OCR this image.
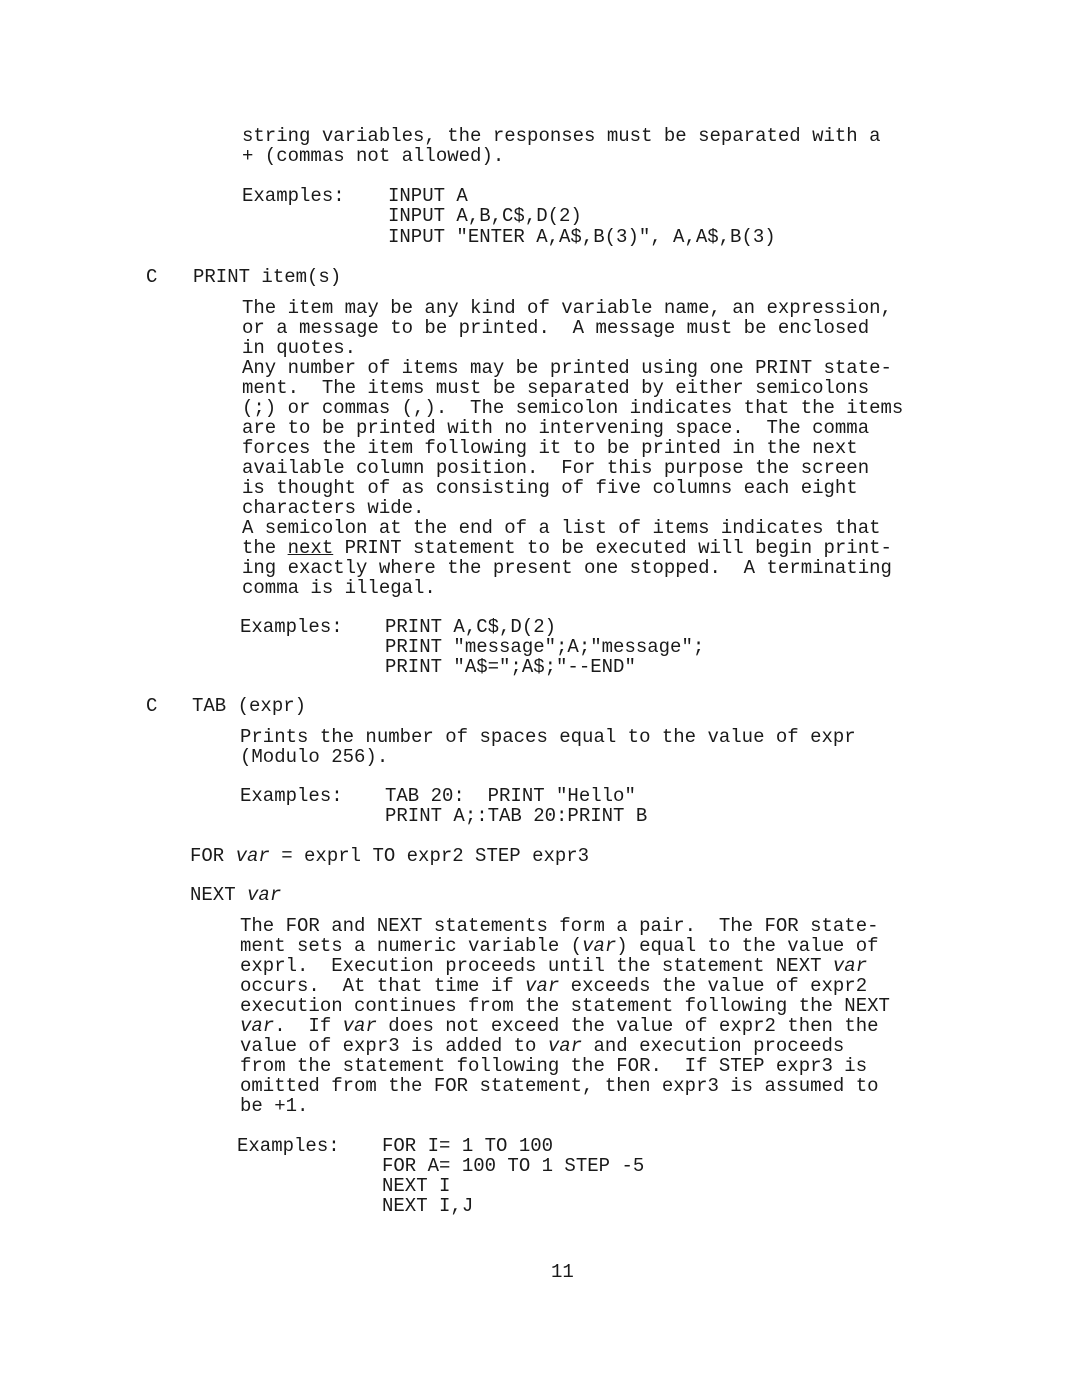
string variables, the responses must be separated with a
+ (commas not allowed).
Examples: INPUT A
INPUT A,B,C$,D(2)
INPUT "ENTER A,A$,B(3)", A,A$,B(3)
C PRINT item(s)
The item may be any kind of variable name, an expression,
or a message to be printed.  A message must be enclosed
in quotes.
Any number of items may be printed using one PRINT state-
ment.  The items must be separated by either semicolons
(;) or commas (,).  The semicolon indicates that the items
are to be printed with no intervening space.  The comma
forces the item following it to be printed in the next
available column position.  For this purpose the screen
is thought of as consisting of five columns each eight
characters wide.
A semicolon at the end of a list of items indicates that
the next PRINT statement to be executed will begin print-
ing exactly where the present one stopped.  A terminating
comma is illegal.
Examples: PRINT A,C$,D(2)
PRINT "message";A;"message";
PRINT "A$=";A$;"--END"
C TAB (expr)
Prints the number of spaces equal to the value of expr
(Modulo 256).
Examples: TAB 20:  PRINT "Hello"
PRINT A;:TAB 20:PRINT B
FOR var = exprl TO expr2 STEP expr3
NEXT var
The FOR and NEXT statements form a pair.  The FOR state-
ment sets a numeric variable (var) equal to the value of
exprl.  Execution proceeds until the statement NEXT var
occurs.  At that time if var exceeds the value of expr2
execution continues from the statement following the NEXT
var.  If var does not exceed the value of expr2 then the
value of expr3 is added to var and execution proceeds
from the statement following the FOR.  If STEP expr3 is
omitted from the FOR statement, then expr3 is assumed to
be +1.
Examples: FOR I= 1 TO 100
FOR A= 100 TO 1 STEP -5
NEXT I
NEXT I,J
11
